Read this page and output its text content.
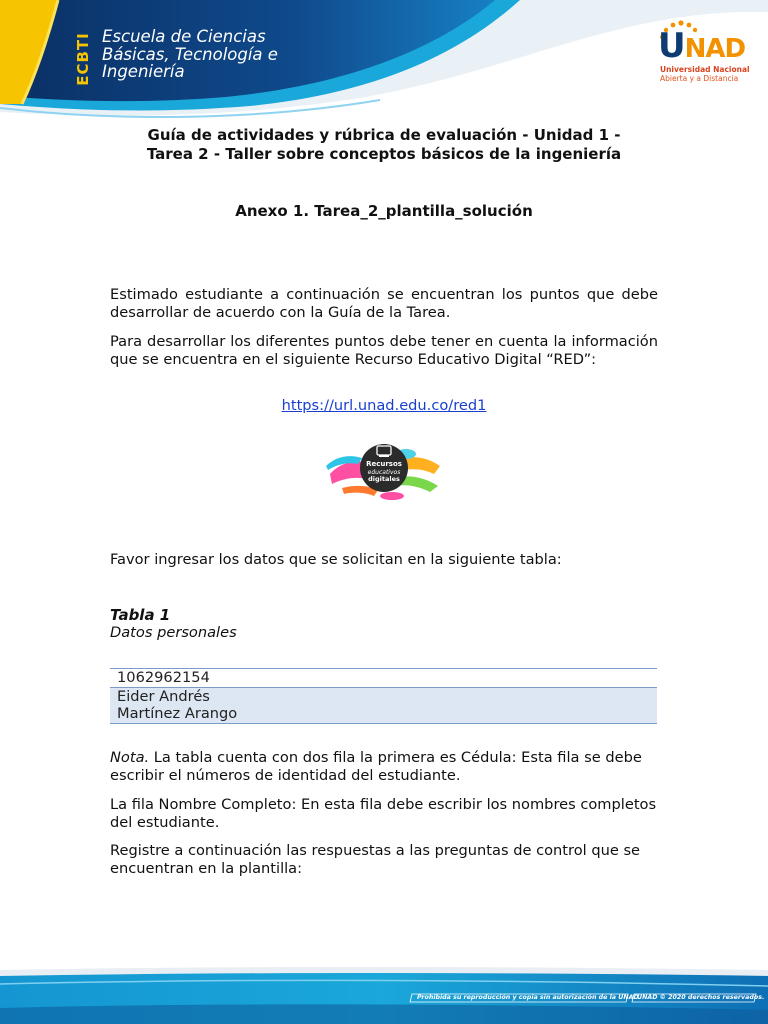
ECBTI Escuela de Ciencias
Básicas, Tecnología e
Ingeniería
UNAD
Universidad Nacional
Abierta y a Distancia
Guía de actividades y rúbrica de evaluación - Unidad 1 -
Tarea 2 - Taller sobre conceptos básicos de la ingeniería
Anexo 1. Tarea_2_plantilla_solución
Estimado estudiante a continuación se encuentran los puntos que debe desarrollar de acuerdo con la Guía de la Tarea.
Para desarrollar los diferentes puntos debe tener en cuenta la información que se encuentra en el siguiente Recurso Educativo Digital “RED”:
https://url.unad.edu.co/red1
Recursos
educativos
digitales
Favor ingresar los datos que se solicitan en la siguiente tabla:
Tabla 1
Datos personales
1062962154
Eider Andrés
Martínez Arango
Nota. La tabla cuenta con dos fila la primera es Cédula: Esta fila se debe escribir el números de identidad del estudiante.
La fila Nombre Completo: En esta fila debe escribir los nombres completos del estudiante.
Registre a continuación las respuestas a las preguntas de control que se encuentran en la plantilla:
Prohibida su reproducción y copia sin autorización de la UNAD.
UNAD © 2020 derechos reservados.
